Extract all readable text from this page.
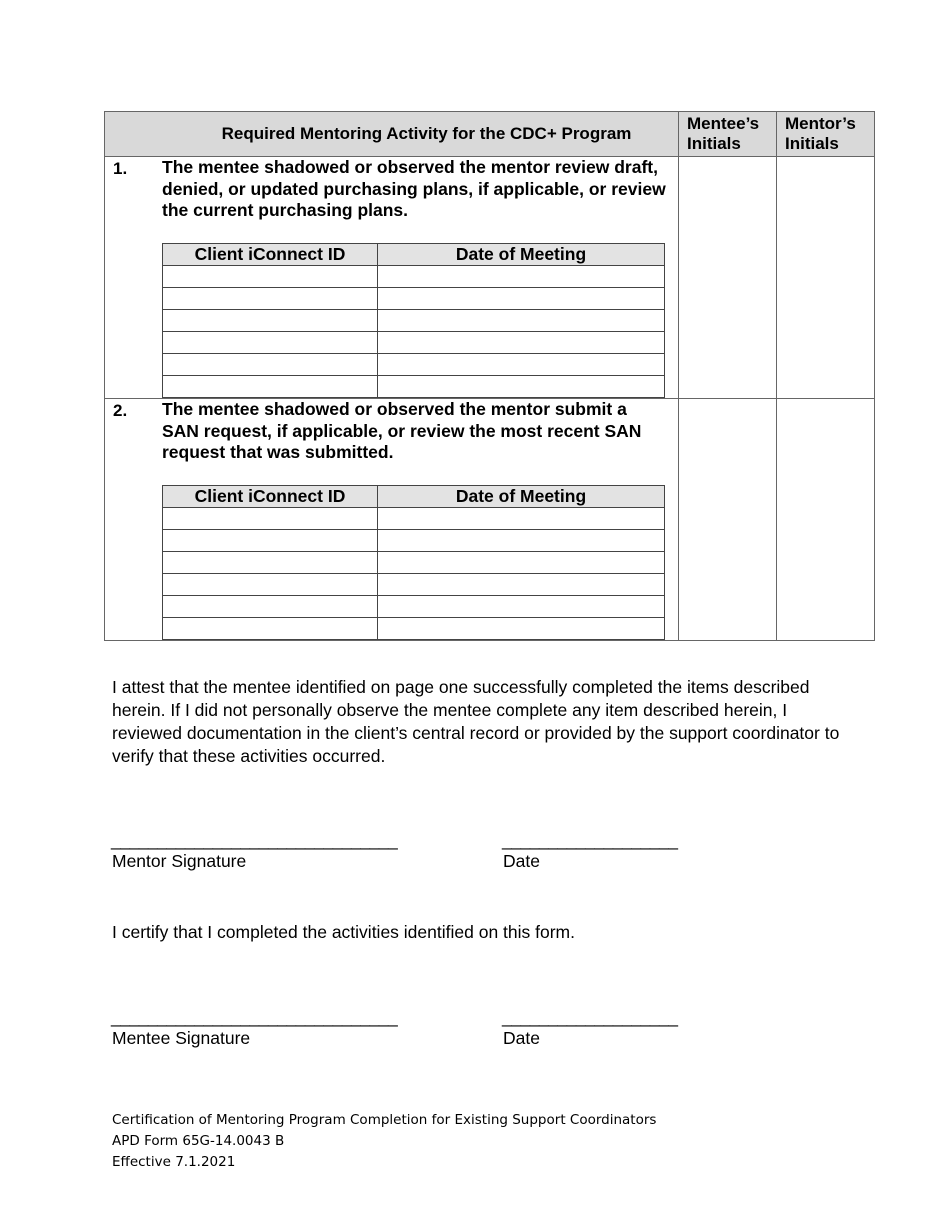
Required Mentoring Activity for the CDC+ Program
	Mentee’s Initials	Mentor’s Initials

1. The mentee shadowed or observed the mentor review draft, denied, or updated purchasing plans, if applicable, or review the current purchasing plans.
Client iConnect ID	Date of Meeting

2. The mentee shadowed or observed the mentor submit a SAN request, if applicable, or review the most recent SAN request that was submitted.
Client iConnect ID	Date of Meeting

I attest that the mentee identified on page one successfully completed the items described herein. If I did not personally observe the mentee complete any item described herein, I reviewed documentation in the client’s central record or provided by the support coordinator to verify that these activities occurred.

_______________________________	___________________
Mentor Signature	Date

I certify that I completed the activities identified on this form.

_______________________________	___________________
Mentee Signature	Date
Certification of Mentoring Program Completion for Existing Support Coordinators
APD Form 65G-14.0043 B
Effective 7.1.2021
